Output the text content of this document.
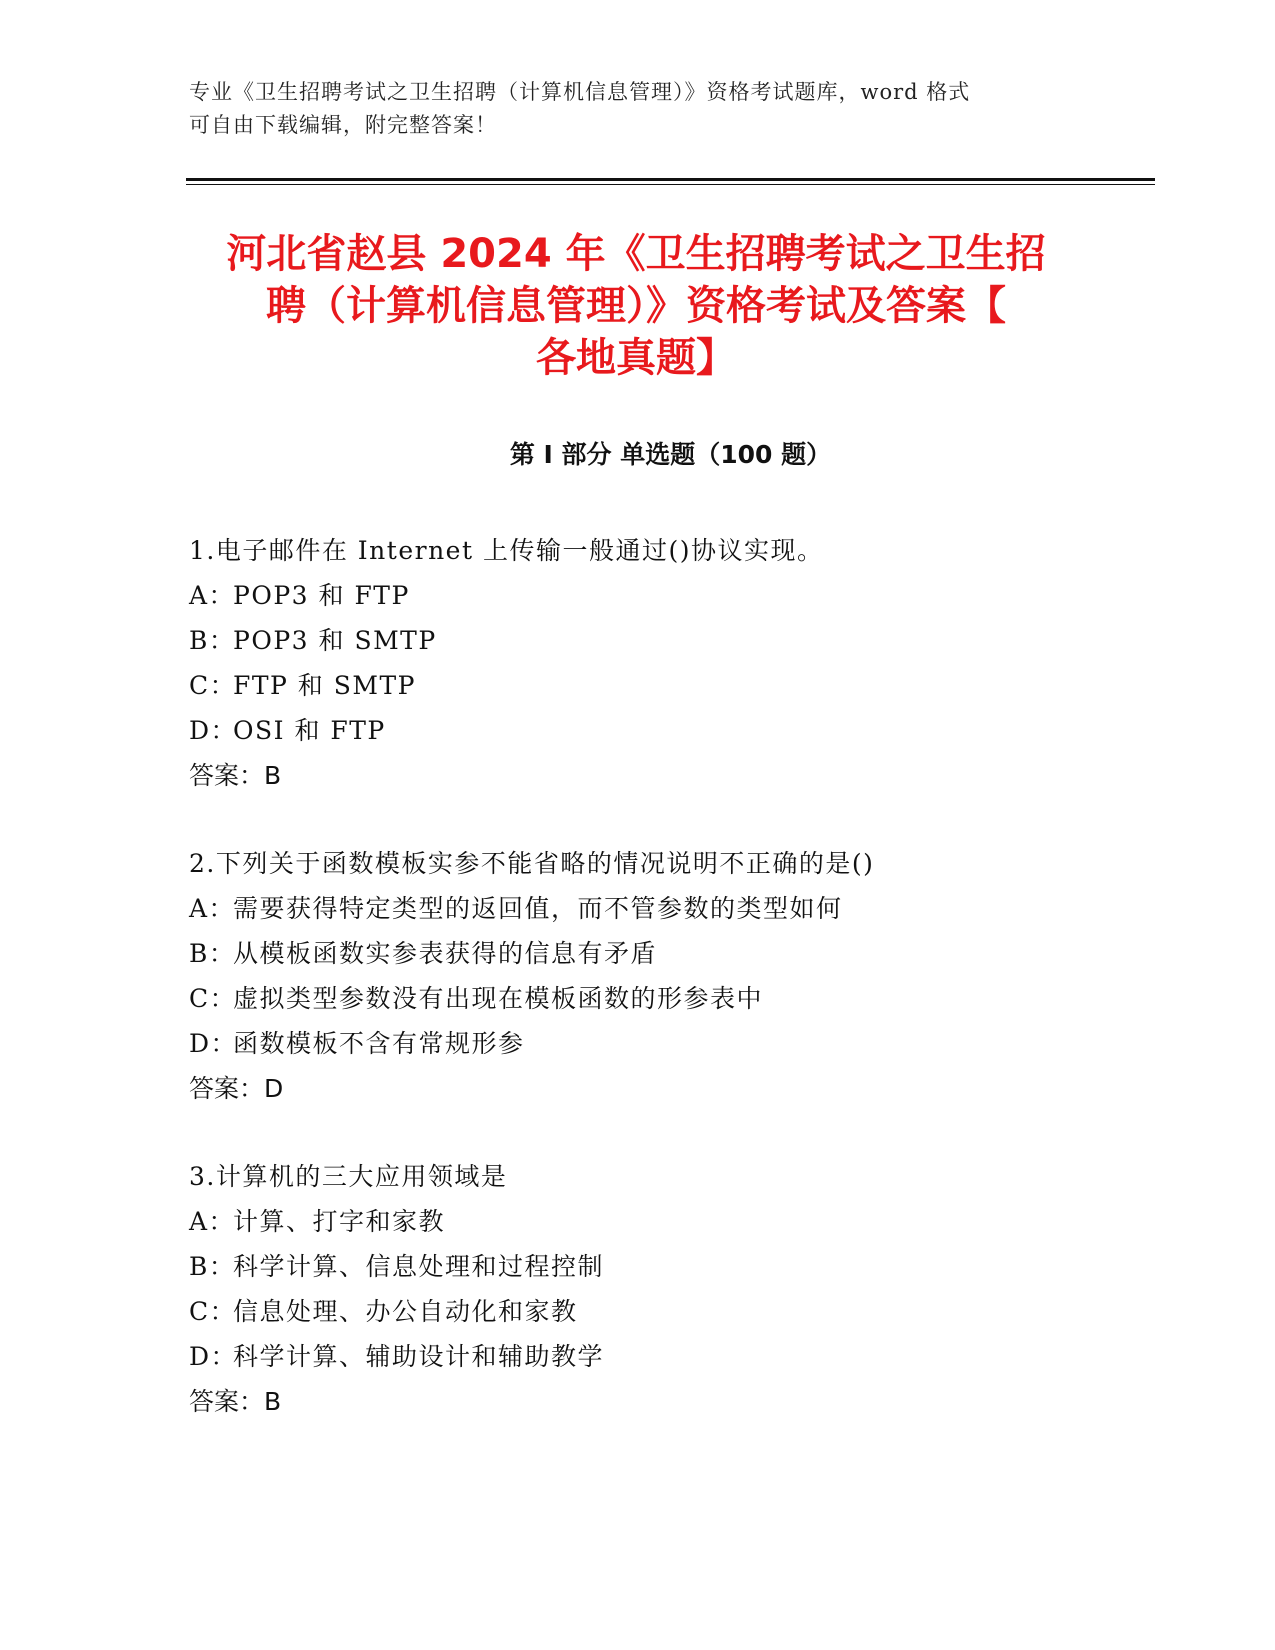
专业《卫生招聘考试之卫生招聘（计算机信息管理）》资格考试题库，word 格式
可自由下载编辑，附完整答案！
河北省赵县 2024 年《卫生招聘考试之卫生招
聘（计算机信息管理）》资格考试及答案【
各地真题】
第 I 部分 单选题（100 题）
1.电子邮件在 Internet 上传输一般通过()协议实现。
A：POP3 和 FTP
B：POP3 和 SMTP
C：FTP 和 SMTP
D：OSI 和 FTP
答案：B
2.下列关于函数模板实参不能省略的情况说明不正确的是()
A：需要获得特定类型的返回值，而不管参数的类型如何
B：从模板函数实参表获得的信息有矛盾
C：虚拟类型参数没有出现在模板函数的形参表中
D：函数模板不含有常规形参
答案：D
3.计算机的三大应用领域是
A：计算、打字和家教
B：科学计算、信息处理和过程控制
C：信息处理、办公自动化和家教
D：科学计算、辅助设计和辅助教学
答案：B
